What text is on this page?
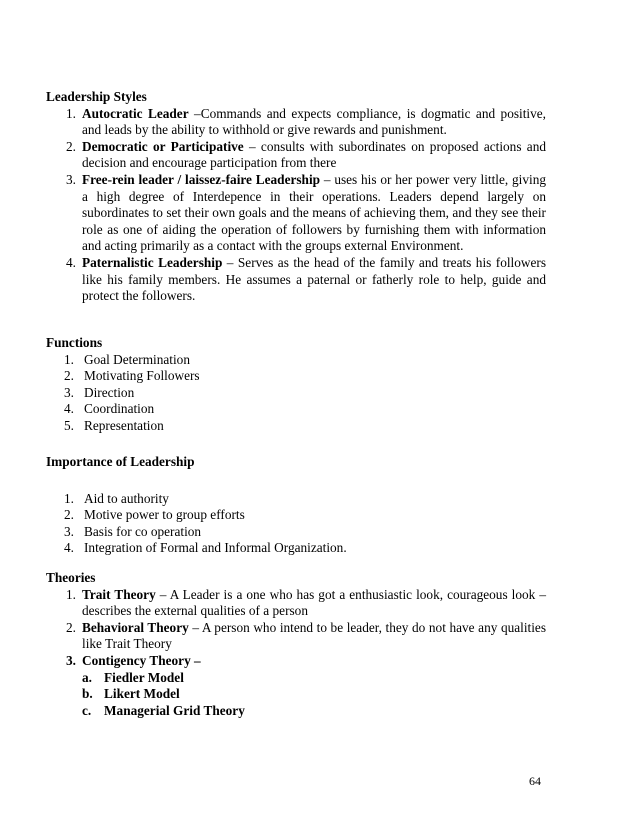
Leadership Styles

1. Autocratic Leader –Commands and expects compliance, is dogmatic and positive, and leads by the ability to withhold or give rewards and punishment.
2. Democratic or Participative – consults with subordinates on proposed actions and decision and encourage participation from there
3. Free-rein leader / laissez-faire Leadership – uses his or her power very little, giving a high degree of Interdepence in their operations. Leaders depend largely on subordinates to set their own goals and the means of achieving them, and they see their role as one of aiding the operation of followers by furnishing them with information and acting primarily as a contact with the groups external Environment.
4. Paternalistic Leadership – Serves as the head of the family and treats his followers like his family members. He assumes a paternal or fatherly role to help, guide and protect the followers.

Functions

1. Goal Determination
2. Motivating Followers
3. Direction
4. Coordination
5. Representation

Importance of Leadership

1. Aid to authority
2. Motive power to group efforts
3. Basis for co operation
4. Integration of Formal and Informal Organization.

Theories

1. Trait Theory – A Leader is a one who has got a enthusiastic look, courageous look – describes the external qualities of a person
2. Behavioral Theory – A person who intend to be leader, they do not have any qualities like Trait Theory
3. Contigency Theory –
a. Fiedler Model
b. Likert Model
c. Managerial Grid Theory
64
